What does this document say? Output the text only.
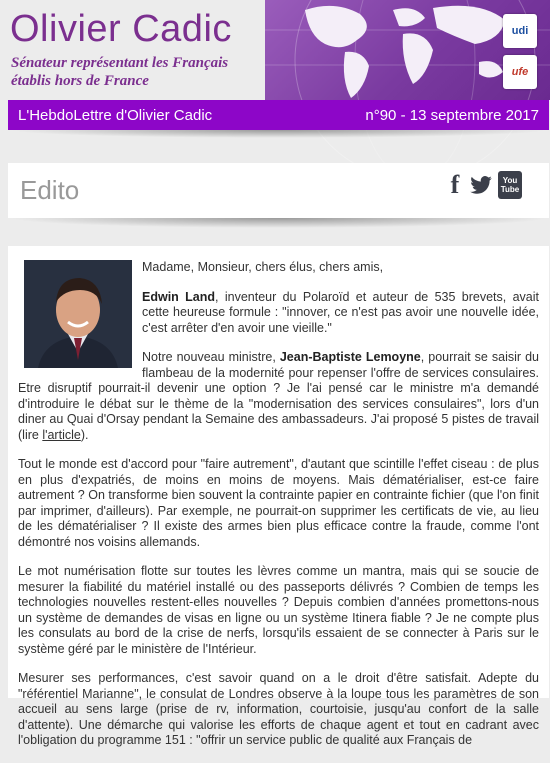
Olivier Cadic
Sénateur représentant les Français
établis hors de France
udi
ufe
L'HebdoLettre d'Olivier Cadic	n°90 - 13 septembre 2017
Edito	f	You
Tube

Madame, Monsieur, chers élus, chers amis,

Edwin Land, inventeur du Polaroïd et auteur de 535 brevets, avait cette heureuse formule : "innover, ce n'est pas avoir une nouvelle idée, c'est arrêter d'en avoir une vieille."

Notre nouveau ministre, Jean-Baptiste Lemoyne, pourrait se saisir du flambeau de la modernité pour repenser l'offre de services consulaires. Etre disruptif pourrait-il devenir une option ? Je l'ai pensé car le ministre m'a demandé d'introduire le débat sur le thème de la "modernisation des services consulaires", lors d'un diner au Quai d'Orsay pendant la Semaine des ambassadeurs. J'ai proposé 5 pistes de travail (lire l'article).

Tout le monde est d'accord pour "faire autrement", d'autant que scintille l'effet ciseau : de plus en plus d'expatriés, de moins en moins de moyens. Mais dématérialiser, est-ce faire autrement ? On transforme bien souvent la contrainte papier en contrainte fichier (que l'on finit par imprimer, d'ailleurs). Par exemple, ne pourrait-on supprimer les certificats de vie, au lieu de les dématérialiser ? Il existe des armes bien plus efficace contre la fraude, comme l'ont démontré nos voisins allemands.

Le mot numérisation flotte sur toutes les lèvres comme un mantra, mais qui se soucie de mesurer la fiabilité du matériel installé ou des passeports délivrés ? Combien de temps les technologies nouvelles restent-elles nouvelles ? Depuis combien d'années promettons-nous un système de demandes de visas en ligne ou un système Itinera fiable ? Je ne compte plus les consulats au bord de la crise de nerfs, lorsqu'ils essaient de se connecter à Paris sur le système géré par le ministère de l'Intérieur.

Mesurer ses performances, c'est savoir quand on a le droit d'être satisfait. Adepte du "référentiel Marianne", le consulat de Londres observe à la loupe tous les paramètres de son accueil au sens large (prise de rv, information, courtoisie, jusqu'au confort de la salle d'attente). Une démarche qui valorise les efforts de chaque agent et tout en cadrant avec l'obligation du programme 151 : "offrir un service public de qualité aux Français de
